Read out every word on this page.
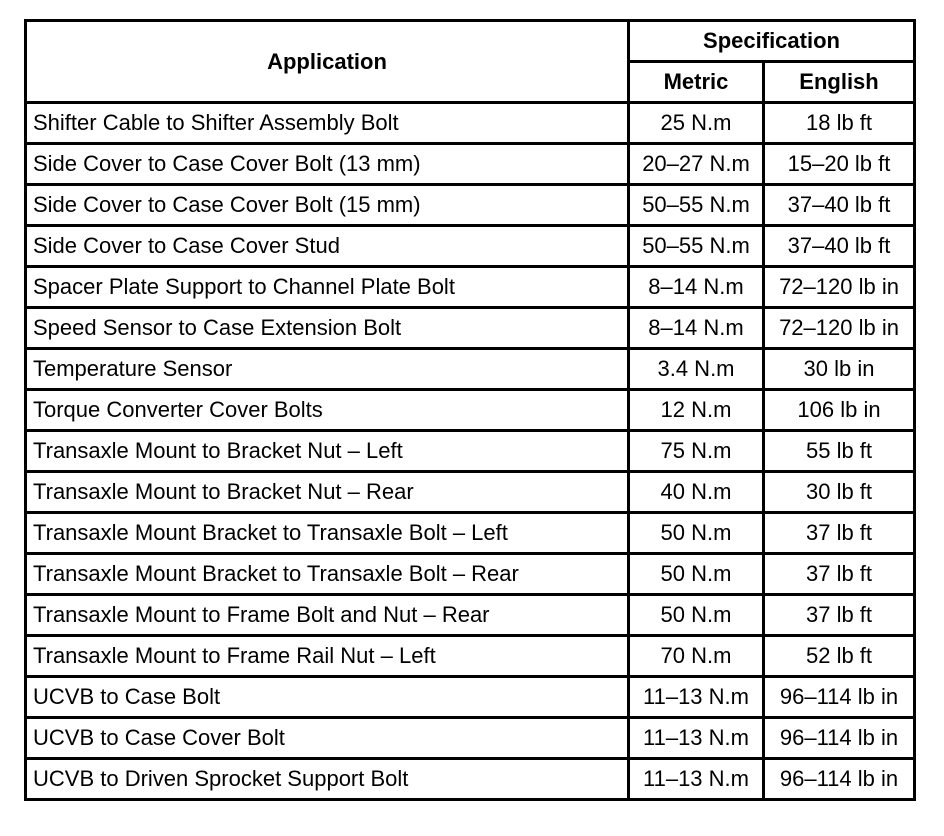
Application	Specification	
	Metric	English
Shifter Cable to Shifter Assembly Bolt	25 N.m	18 lb ft
Side Cover to Case Cover Bolt (13 mm)	20–27 N.m	15–20 lb ft
Side Cover to Case Cover Bolt (15 mm)	50–55 N.m	37–40 lb ft
Side Cover to Case Cover Stud	50–55 N.m	37–40 lb ft
Spacer Plate Support to Channel Plate Bolt	8–14 N.m	72–120 lb in
Speed Sensor to Case Extension Bolt	8–14 N.m	72–120 lb in
Temperature Sensor	3.4 N.m	30 lb in
Torque Converter Cover Bolts	12 N.m	106 lb in
Transaxle Mount to Bracket Nut – Left	75 N.m	55 lb ft
Transaxle Mount to Bracket Nut – Rear	40 N.m	30 lb ft
Transaxle Mount Bracket to Transaxle Bolt – Left	50 N.m	37 lb ft
Transaxle Mount Bracket to Transaxle Bolt – Rear	50 N.m	37 lb ft
Transaxle Mount to Frame Bolt and Nut – Rear	50 N.m	37 lb ft
Transaxle Mount to Frame Rail Nut – Left	70 N.m	52 lb ft
UCVB to Case Bolt	11–13 N.m	96–114 lb in
UCVB to Case Cover Bolt	11–13 N.m	96–114 lb in
UCVB to Driven Sprocket Support Bolt	11–13 N.m	96–114 lb in
